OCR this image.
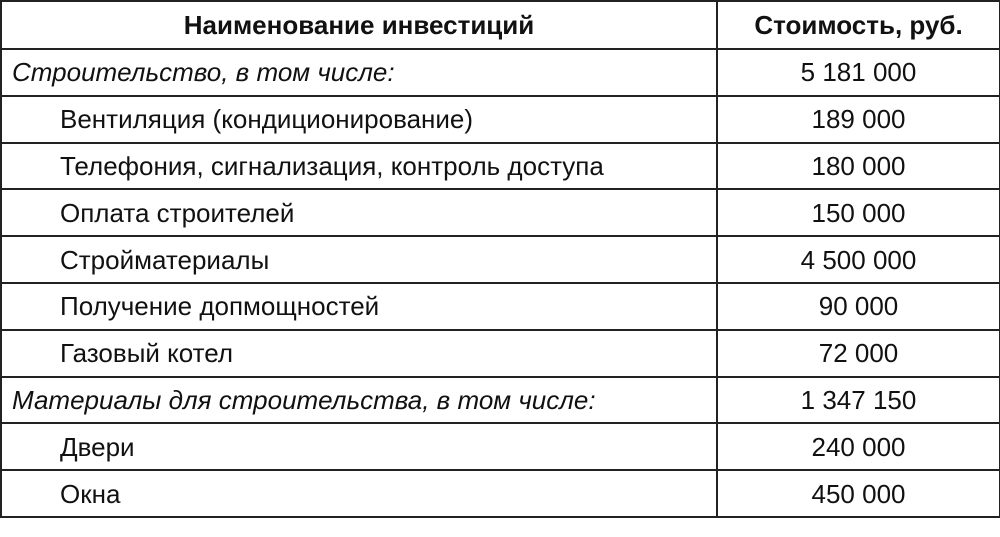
Наименование инвестиций	Стоимость, руб.
Строительство, в том числе:	5 181 000
Вентиляция (кондиционирование)	189 000
Телефония, сигнализация, контроль доступа	180 000
Оплата строителей	150 000
Стройматериалы	4 500 000
Получение допмощностей	90 000
Газовый котел	72 000
Материалы для строительства, в том числе:	1 347 150
Двери	240 000
Окна	450 000
